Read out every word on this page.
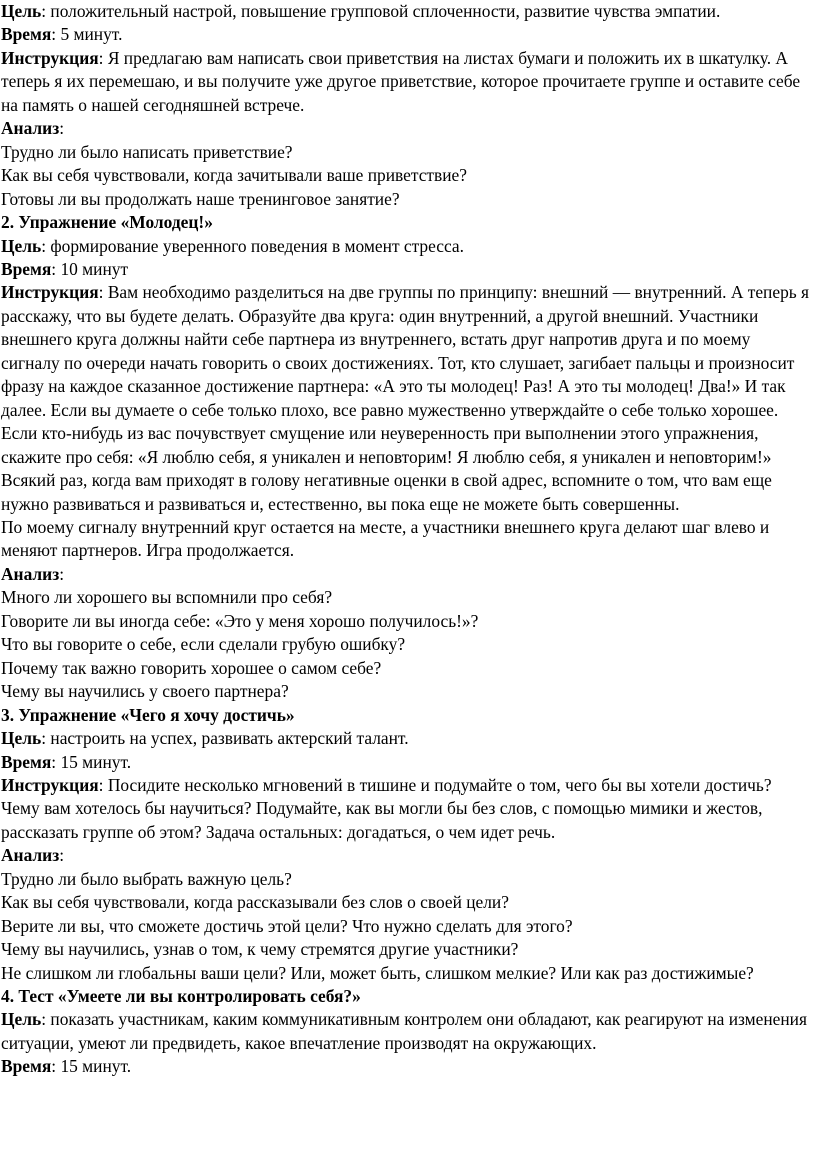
Цель: положительный настрой, повышение групповой сплоченности, развитие чувства эмпатии.

Время: 5 минут.

Инструкция: Я предлагаю вам написать свои приветствия на листах бумаги и положить их в шкатулку. А теперь я их перемешаю, и вы получите уже другое приветствие, которое прочитаете группе и оставите себе на память о нашей сегодняшней встрече.

Анализ:

Трудно ли было написать приветствие?

Как вы себя чувствовали, когда зачитывали ваше приветствие?

Готовы ли вы продолжать наше тренинговое занятие?

2. Упражнение «Молодец!»

Цель: формирование уверенного поведения в момент стресса.

Время: 10 минут

Инструкция: Вам необходимо разделиться на две группы по принципу: внешний — внутренний. А теперь я расскажу, что вы будете делать. Образуйте два круга: один внутренний, а другой внешний. Участники внешнего круга должны найти себе партнера из внутреннего, встать друг напротив друга и по моему сигналу по очереди начать говорить о своих достижениях. Тот, кто слушает, загибает пальцы и произносит фразу на каждое сказанное достижение партнера: «А это ты молодец! Раз! А это ты молодец! Два!» И так далее. Если вы думаете о себе только плохо, все равно мужественно утверждайте о себе только хорошее.

Если кто-нибудь из вас почувствует смущение или неуверенность при выполнении этого упражнения, скажите про себя: «Я люблю себя, я уникален и неповторим! Я люблю себя, я уникален и неповторим!»

Всякий раз, когда вам приходят в голову негативные оценки в свой адрес, вспомните о том, что вам еще нужно развиваться и развиваться и, естественно, вы пока еще не можете быть совершенны.

По моему сигналу внутренний круг остается на месте, а участники внешнего круга делают шаг влево и меняют партнеров. Игра продолжается.

Анализ:

Много ли хорошего вы вспомнили про себя?

Говорите ли вы иногда себе: «Это у меня хорошо получилось!»?

Что вы говорите о себе, если сделали грубую ошибку?

Почему так важно говорить хорошее о самом себе?

Чему вы научились у своего партнера?

3. Упражнение «Чего я хочу достичь»

Цель: настроить на успех, развивать актерский талант.

Время: 15 минут.

Инструкция: Посидите несколько мгновений в тишине и подумайте о том, чего бы вы хотели достичь? Чему вам хотелось бы научиться? Подумайте, как вы могли бы без слов, с помощью мимики и жестов, рассказать группе об этом? Задача остальных: догадаться, о чем идет речь.

Анализ:

Трудно ли было выбрать важную цель?

Как вы себя чувствовали, когда рассказывали без слов о своей цели?

Верите ли вы, что сможете достичь этой цели? Что нужно сделать для этого?

Чему вы научились, узнав о том, к чему стремятся другие участники?

Не слишком ли глобальны ваши цели? Или, может быть, слишком мелкие? Или как раз достижимые?

4. Тест «Умеете ли вы контролировать себя?»

Цель: показать участникам, каким коммуникативным контролем они обладают, как реагируют на изменения ситуации, умеют ли предвидеть, какое впечатление производят на окружающих.

Время: 15 минут.
